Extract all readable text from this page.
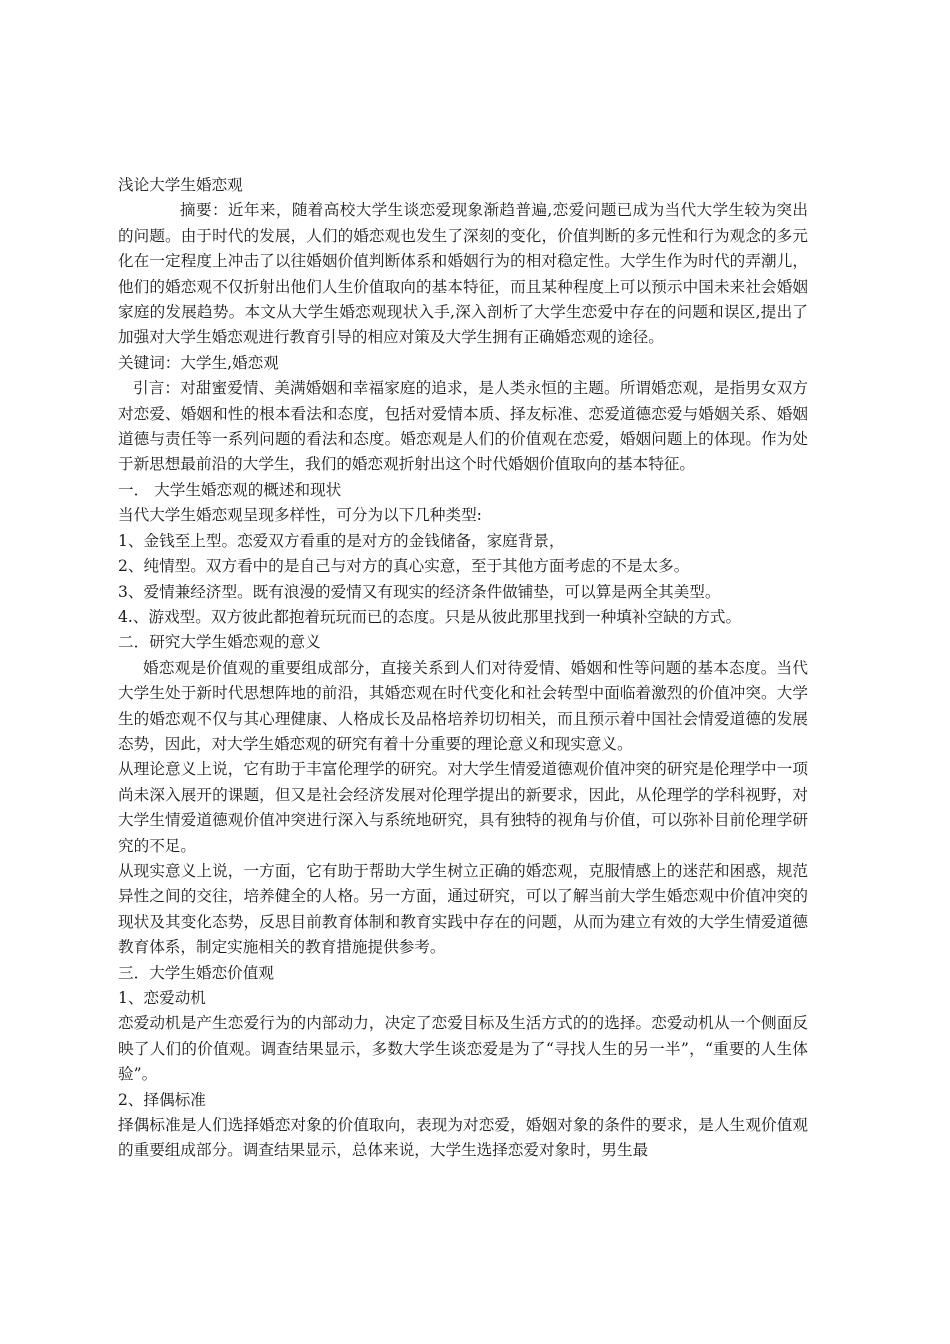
浅论大学生婚恋观

摘要：近年来，随着高校大学生谈恋爱现象渐趋普遍,恋爱问题已成为当代大学生较为突出的问题。由于时代的发展，人们的婚恋观也发生了深刻的变化，价值判断的多元性和行为观念的多元化在一定程度上冲击了以往婚姻价值判断体系和婚姻行为的相对稳定性。大学生作为时代的弄潮儿，他们的婚恋观不仅折射出他们人生价值取向的基本特征，而且某种程度上可以预示中国未来社会婚姻家庭的发展趋势。本文从大学生婚恋观现状入手,深入剖析了大学生恋爱中存在的问题和误区,提出了加强对大学生婚恋观进行教育引导的相应对策及大学生拥有正确婚恋观的途径。

关键词：大学生,婚恋观

引言：对甜蜜爱情、美满婚姻和幸福家庭的追求，是人类永恒的主题。所谓婚恋观，是指男女双方对恋爱、婚姻和性的根本看法和态度，包括对爱情本质、择友标准、恋爱道德恋爱与婚姻关系、婚姻道德与责任等一系列问题的看法和态度。婚恋观是人们的价值观在恋爱，婚姻问题上的体现。作为处于新思想最前沿的大学生，我们的婚恋观折射出这个时代婚姻价值取向的基本特征。

一． 大学生婚恋观的概述和现状

当代大学生婚恋观呈现多样性，可分为以下几种类型:

1、金钱至上型。恋爱双方看重的是对方的金钱储备，家庭背景，

2、纯情型。双方看中的是自己与对方的真心实意，至于其他方面考虑的不是太多。

3、爱情兼经济型。既有浪漫的爱情又有现实的经济条件做铺垫，可以算是两全其美型。

4.、游戏型。双方彼此都抱着玩玩而已的态度。只是从彼此那里找到一种填补空缺的方式。

二．研究大学生婚恋观的意义

婚恋观是价值观的重要组成部分，直接关系到人们对待爱情、婚姻和性等问题的基本态度。当代大学生处于新时代思想阵地的前沿，其婚恋观在时代变化和社会转型中面临着激烈的价值冲突。大学生的婚恋观不仅与其心理健康、人格成长及品格培养切切相关，而且预示着中国社会情爱道德的发展态势，因此，对大学生婚恋观的研究有着十分重要的理论意义和现实意义。

从理论意义上说，它有助于丰富伦理学的研究。对大学生情爱道德观价值冲突的研究是伦理学中一项尚未深入展开的课题，但又是社会经济发展对伦理学提出的新要求，因此，从伦理学的学科视野，对大学生情爱道德观价值冲突进行深入与系统地研究，具有独特的视角与价值，可以弥补目前伦理学研究的不足。

从现实意义上说，一方面，它有助于帮助大学生树立正确的婚恋观，克服情感上的迷茫和困惑，规范异性之间的交往，培养健全的人格。另一方面，通过研究，可以了解当前大学生婚恋观中价值冲突的现状及其变化态势，反思目前教育体制和教育实践中存在的问题，从而为建立有效的大学生情爱道德教育体系，制定实施相关的教育措施提供参考。

三．大学生婚恋价值观

1、恋爱动机

恋爱动机是产生恋爱行为的内部动力，决定了恋爱目标及生活方式的的选择。恋爱动机从一个侧面反映了人们的价值观。调查结果显示，多数大学生谈恋爱是为了“寻找人生的另一半”，“重要的人生体验”。

2、择偶标准

择偶标准是人们选择婚恋对象的价值取向，表现为对恋爱，婚姻对象的条件的要求，是人生观价值观的重要组成部分。调查结果显示，总体来说，大学生选择恋爱对象时，男生最
